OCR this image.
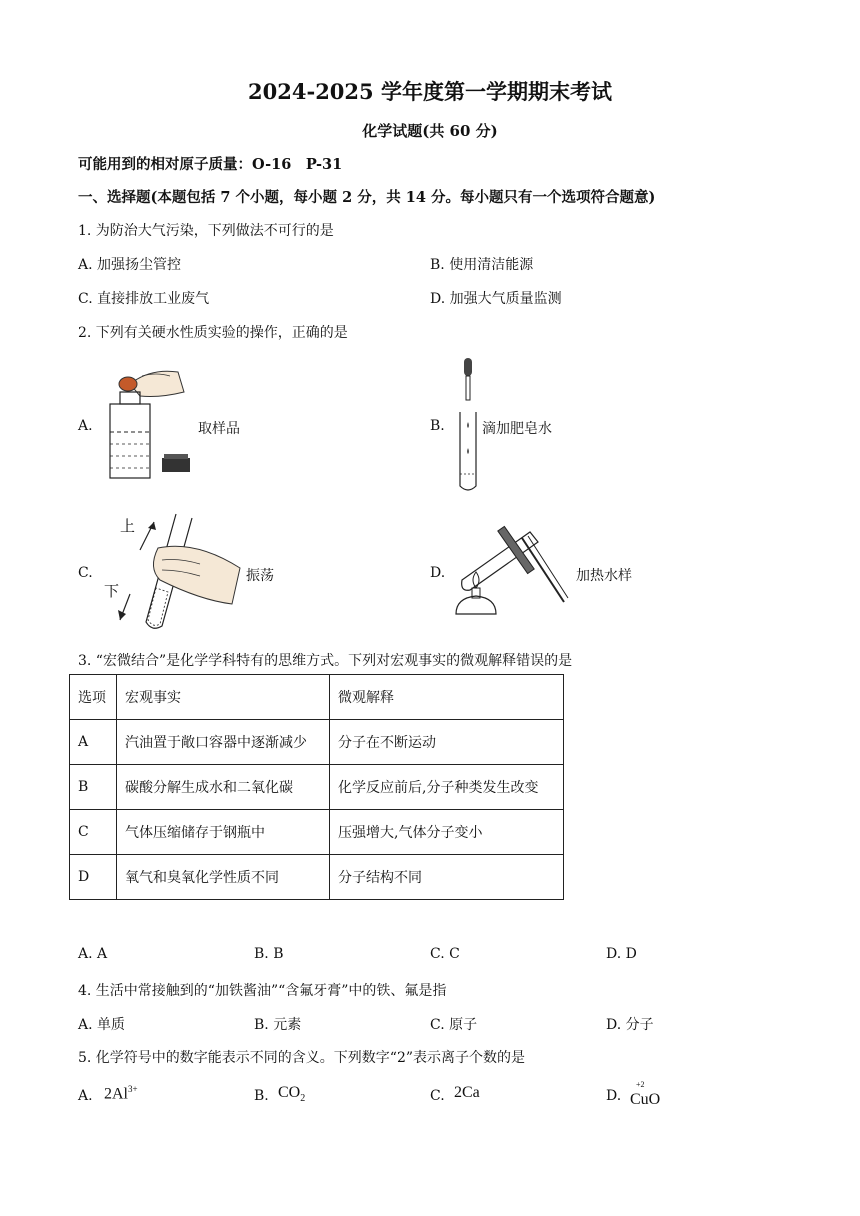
2024-2025 学年度第一学期期末考试
化学试题(共 60 分)
可能用到的相对原子质量：O-16　P-31
一、选择题(本题包括 7 个小题，每小题 2 分，共 14 分。每小题只有一个选项符合题意)
1. 为防治大气污染，下列做法不可行的是
A. 加强扬尘管控	B. 使用清洁能源
C. 直接排放工业废气	D. 加强大气质量监测
2. 下列有关硬水性质实验的操作，正确的是
A.	取样品	B.	滴加肥皂水
C.
上
下
振荡	D.	加热水样
3. “宏微结合”是化学学科特有的思维方式。下列对宏观事实的微观解释错误的是
选项	宏观事实	微观解释
A	汽油置于敞口容器中逐渐减少	分子在不断运动
B	碳酸分解生成水和二氧化碳	化学反应前后,分子种类发生改变
C	气体压缩储存于钢瓶中	压强增大,气体分子变小
D	氧气和臭氧化学性质不同	分子结构不同
A. A	B. B	C. C	D. D
4. 生活中常接触到的“加铁酱油”“含氟牙膏”中的铁、氟是指
A. 单质	B. 元素	C. 原子	D. 分子
5. 化学符号中的数字能表示不同的含义。下列数字“2”表示离子个数的是
A. $2Al^{3+}$	B. $CO_2$	C. 2Ca	D.
+2
CuO
